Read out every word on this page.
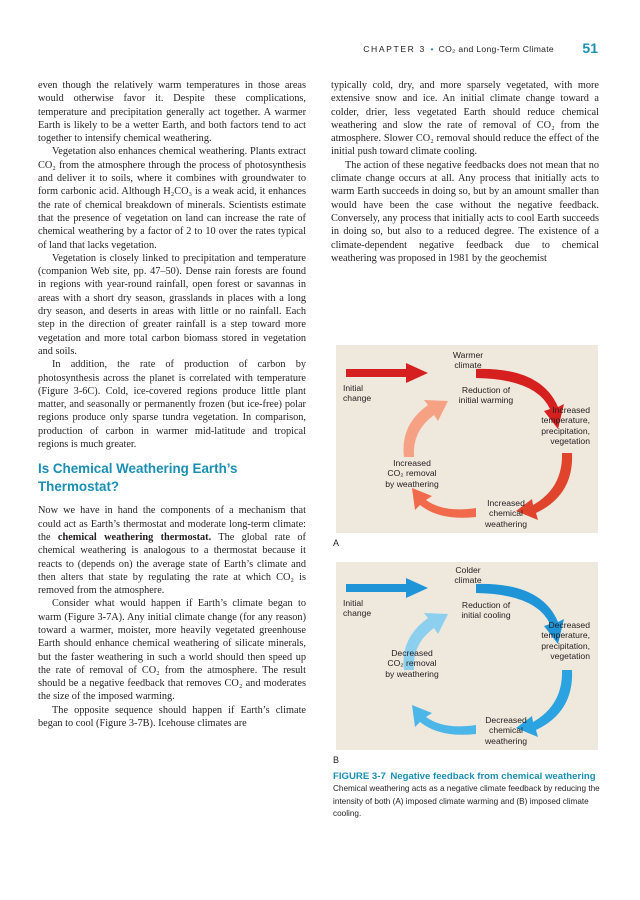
CHAPTER 3 • CO₂ and Long-Term Climate 51

even though the relatively warm temperatures in those areas would otherwise favor it. Despite these complications, temperature and precipitation generally act together. A warmer Earth is likely to be a wetter Earth, and both factors tend to act together to intensify chemical weathering.

Vegetation also enhances chemical weathering. Plants extract CO₂ from the atmosphere through the process of photosynthesis and deliver it to soils, where it combines with groundwater to form carbonic acid. Although H₂CO₃ is a weak acid, it enhances the rate of chemical breakdown of minerals. Scientists estimate that the presence of vegetation on land can increase the rate of chemical weathering by a factor of 2 to 10 over the rates typical of land that lacks vegetation.

Vegetation is closely linked to precipitation and temperature (companion Web site, pp. 47–50). Dense rain forests are found in regions with year-round rainfall, open forest or savannas in areas with a short dry season, grasslands in places with a long dry season, and deserts in areas with little or no rainfall. Each step in the direction of greater rainfall is a step toward more vegetation and more total carbon biomass stored in vegetation and soils.

In addition, the rate of production of carbon by photosynthesis across the planet is correlated with temperature (Figure 3-6C). Cold, ice-covered regions produce little plant matter, and seasonally or permanently frozen (but ice-free) polar regions produce only sparse tundra vegetation. In comparison, production of carbon in warmer mid-latitude and tropical regions is much greater.

Is Chemical Weathering Earth’s Thermostat?

Now we have in hand the components of a mechanism that could act as Earth’s thermostat and moderate long-term climate: the chemical weathering thermostat. The global rate of chemical weathering is analogous to a thermostat because it reacts to (depends on) the average state of Earth’s climate and then alters that state by regulating the rate at which CO₂ is removed from the atmosphere.

Consider what would happen if Earth’s climate began to warm (Figure 3-7A). Any initial climate change (for any reason) toward a warmer, moister, more heavily vegetated greenhouse Earth should enhance chemical weathering of silicate minerals, but the faster weathering in such a world should then speed up the rate of removal of CO₂ from the atmosphere. The result should be a negative feedback that removes CO₂ and moderates the size of the imposed warming.

The opposite sequence should happen if Earth’s climate began to cool (Figure 3-7B). Icehouse climates are

typically cold, dry, and more sparsely vegetated, with more extensive snow and ice. An initial climate change toward a colder, drier, less vegetated Earth should reduce chemical weathering and slow the rate of removal of CO₂ from the atmosphere. Slower CO₂ removal should reduce the effect of the initial push toward climate cooling.

The action of these negative feedbacks does not mean that no climate change occurs at all. Any process that initially acts to warm Earth succeeds in doing so, but by an amount smaller than would have been the case without the negative feedback. Conversely, any process that initially acts to cool Earth succeeds in doing so, but also to a reduced degree. The existence of a climate-dependent negative feedback due to chemical weathering was proposed in 1981 by the geochemist

Warmer
climate
Initial
change
Reduction of
initial warming
Increased
temperature,
precipitation,
vegetation
Increased
CO₂ removal
by weathering
Increased
chemical
weathering
A
Colder
climate
Initial
change
Reduction of
initial cooling
Decreased
temperature,
precipitation,
vegetation
Decreased
CO₂ removal
by weathering
Decreased
chemical
weathering
B
FIGURE 3-7 Negative feedback from chemical weathering
Chemical weathering acts as a negative climate feedback by reducing the intensity of both (A) imposed climate warming and (B) imposed climate cooling.
